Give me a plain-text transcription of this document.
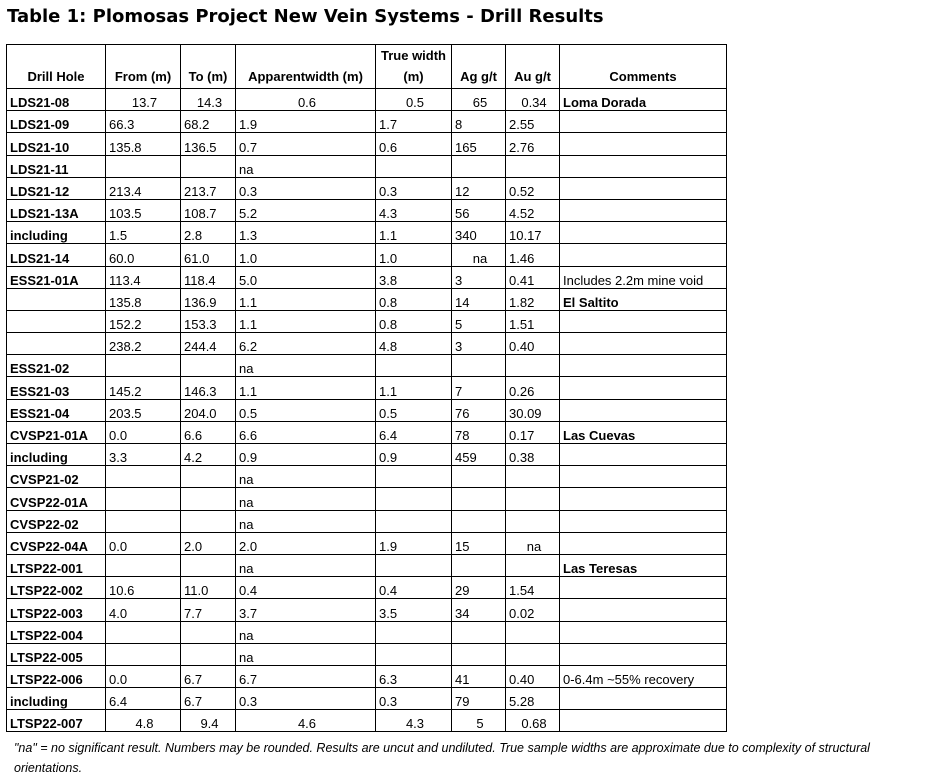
Table 1: Plomosas Project New Vein Systems - Drill Results
Drill Hole	From (m)	To (m)	Apparentwidth (m)	True width (m)	Ag g/t	Au g/t	Comments
LDS21-08	13.7	14.3	0.6	0.5	65	0.34	Loma Dorada
LDS21-09	66.3	68.2	1.9	1.7	8	2.55	
LDS21-10	135.8	136.5	0.7	0.6	165	2.76	
LDS21-11			na				
LDS21-12	213.4	213.7	0.3	0.3	12	0.52	
LDS21-13A	103.5	108.7	5.2	4.3	56	4.52	
including	1.5	2.8	1.3	1.1	340	10.17	
LDS21-14	60.0	61.0	1.0	1.0	na	1.46	
ESS21-01A	113.4	118.4	5.0	3.8	3	0.41	Includes 2.2m mine void
	135.8	136.9	1.1	0.8	14	1.82	El Saltito
	152.2	153.3	1.1	0.8	5	1.51	
	238.2	244.4	6.2	4.8	3	0.40	
ESS21-02			na				
ESS21-03	145.2	146.3	1.1	1.1	7	0.26	
ESS21-04	203.5	204.0	0.5	0.5	76	30.09	
CVSP21-01A	0.0	6.6	6.6	6.4	78	0.17	Las Cuevas
including	3.3	4.2	0.9	0.9	459	0.38	
CVSP21-02			na				
CVSP22-01A			na				
CVSP22-02			na				
CVSP22-04A	0.0	2.0	2.0	1.9	15	na	
LTSP22-001			na				Las Teresas
LTSP22-002	10.6	11.0	0.4	0.4	29	1.54	
LTSP22-003	4.0	7.7	3.7	3.5	34	0.02	
LTSP22-004			na				
LTSP22-005			na				
LTSP22-006	0.0	6.7	6.7	6.3	41	0.40	0-6.4m ~55% recovery
including	6.4	6.7	0.3	0.3	79	5.28	
LTSP22-007	4.8	9.4	4.6	4.3	5	0.68	
"na" = no significant result. Numbers may be rounded. Results are uncut and undiluted. True sample widths are approximate due to complexity of structural orientations.
